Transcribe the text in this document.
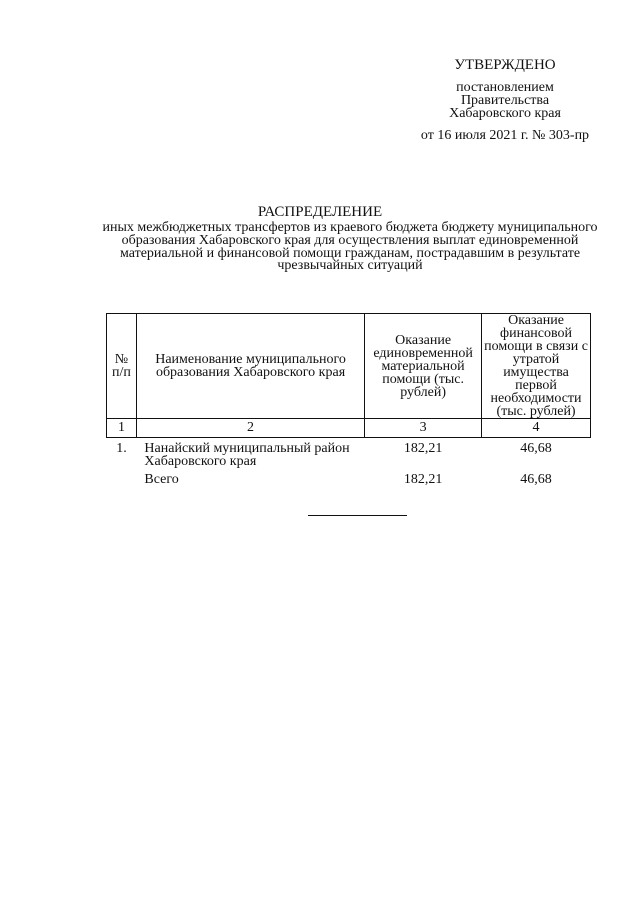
УТВЕРЖДЕНО
постановлением
Правительства
Хабаровского края
от 16 июля 2021 г. № 303-пр
РАСПРЕДЕЛЕНИЕ
иных межбюджетных трансфертов из краевого бюджета бюджету муниципального образования Хабаровского края для осуществления выплат единовременной материальной и финансовой помощи гражданам, пострадавшим в результате чрезвычайных ситуаций
№ п/п	Наименование муниципального образования Хабаровского края	Оказание единовременной материальной помощи (тыс. рублей)	Оказание финансовой помощи в связи с утратой имущества первой необходимости (тыс. рублей)
1	2	3	4
1.	Нанайский муниципальный район Хабаровского края	182,21	46,68
	Всего	182,21	46,68
